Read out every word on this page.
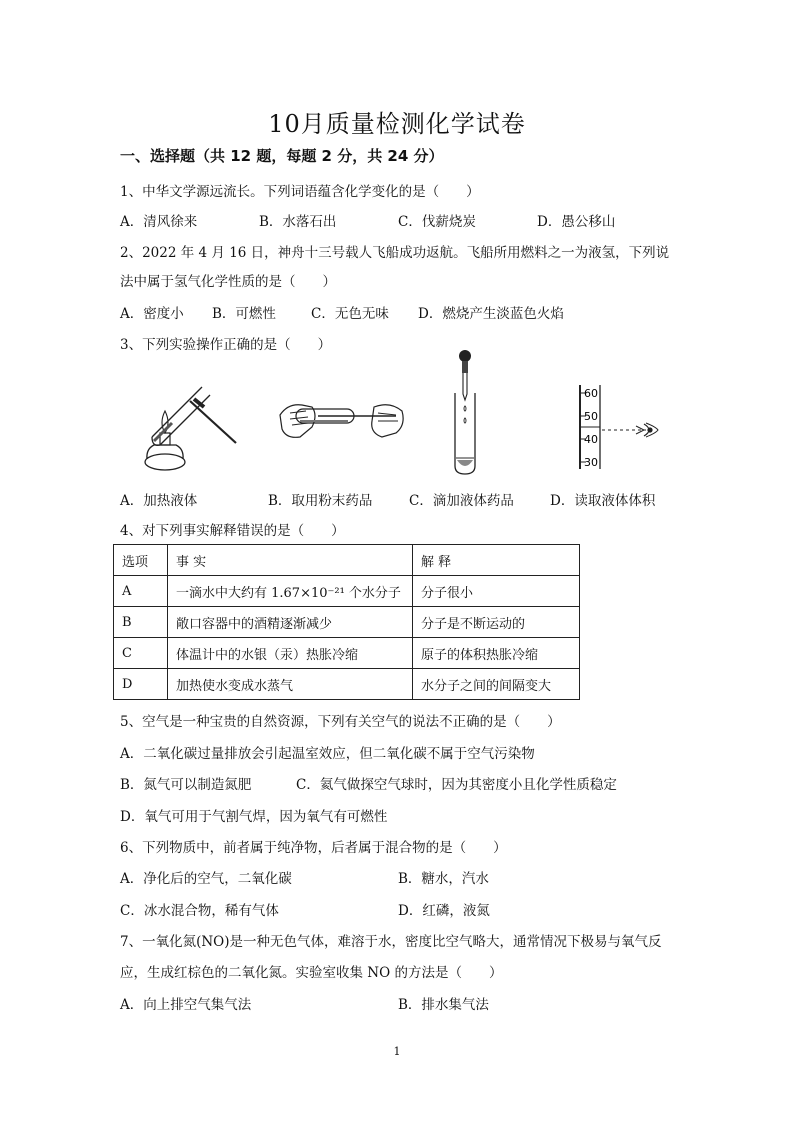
10月质量检测化学试卷
一、选择题（共 12 题，每题 2 分，共 24 分）
1、中华文学源远流长。下列词语蕴含化学变化的是（　　）
A．清风徐来	B．水落石出	C．伐薪烧炭	D．愚公移山
2、2022 年 4 月 16 日，神舟十三号载人飞船成功返航。飞船所用燃料之一为液氢，下列说
法中属于氢气化学性质的是（　　）
A．密度小 B．可燃性	C．无色无味 D．燃烧产生淡蓝色火焰
3、下列实验操作正确的是（　　）
60
50
40
30
A．加热液体	B．取用粉末药品	C．滴加液体药品	D．读取液体体积
4、对下列事实解释错误的是（　　）
选项	事 实	解 释
A	一滴水中大约有 1.67×10⁻²¹ 个水分子	分子很小
B	敞口容器中的酒精逐渐减少	分子是不断运动的
C	体温计中的水银（汞）热胀冷缩	原子的体积热胀冷缩
D	加热使水变成水蒸气	水分子之间的间隔变大
5、空气是一种宝贵的自然资源，下列有关空气的说法不正确的是（　　）
A．二氧化碳过量排放会引起温室效应，但二氧化碳不属于空气污染物
B．氮气可以制造氮肥	C．氦气做探空气球时，因为其密度小且化学性质稳定
D．氧气可用于气割气焊，因为氧气有可燃性
6、下列物质中，前者属于纯净物，后者属于混合物的是（　　）
A．净化后的空气，二氧化碳	B．糖水，汽水
C．冰水混合物，稀有气体	D．红磷，液氮
7、一氧化氮(NO)是一种无色气体，难溶于水，密度比空气略大，通常情况下极易与氧气反
应，生成红棕色的二氧化氮。实验室收集 NO 的方法是（　　）
A．向上排空气集气法	B．排水集气法
1
